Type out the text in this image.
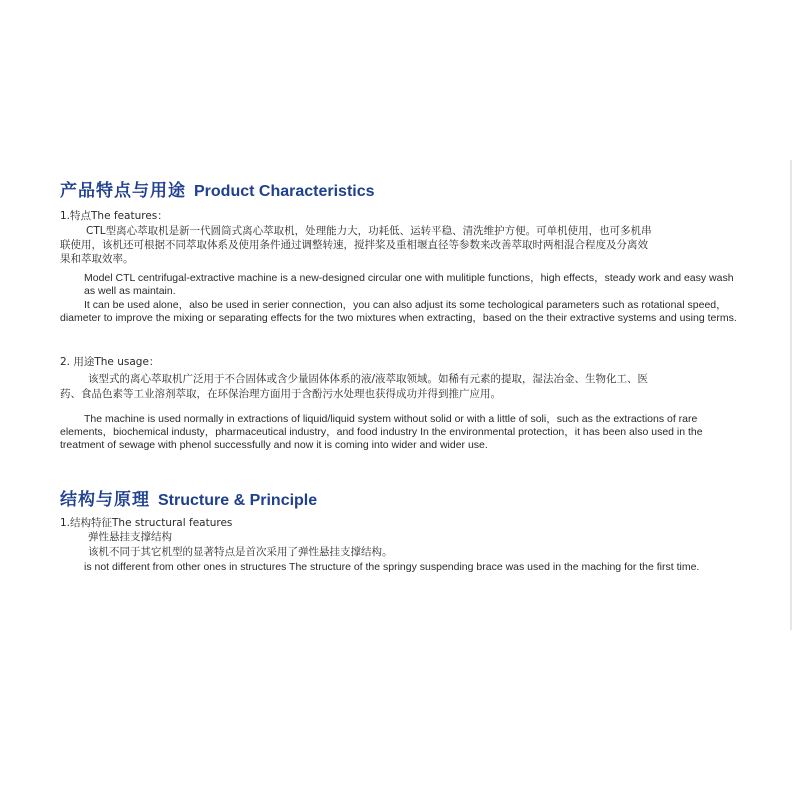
产品特点与用途 Product Characteristics
1.特点The features：
CTL型离心萃取机是新一代圆筒式离心萃取机，处理能力大，功耗低、运转平稳、清洗维护方便。可单机使用，也可多机串
联使用，该机还可根据不同萃取体系及使用条件通过调整转速，搅拌桨及重相堰直径等参数来改善萃取时两相混合程度及分离效
果和萃取效率。
Model CTL centrifugal-extractive machine is a new-designed circular one with mulitiple functions，high effects，steady work and easy wash as well as maintain.
It can be used alone，also be used in serier connection，you can also adjust its some techological parameters such as rotational speed，diameter to improve the mixing or separating effects for the two mixtures when extracting，based on the their extractive systems and using terms.
2. 用途The usage：
该型式的离心萃取机广泛用于不合固体或含少量固体体系的液/液萃取领域。如稀有元素的提取，湿法冶金、生物化工、医
药、食品色素等工业溶剂萃取，在环保治理方面用于含酚污水处理也获得成功并得到推广应用。
The machine is used normally in extractions of liquid/liquid system without solid or with a little of soli，such as the extractions of rare elements，biochemical industy，pharmaceutical industry，and food industry In the environmental protection，it has been also used in the treatment of sewage with phenol successfully and now it is coming into wider and wider use.
结构与原理 Structure & Principle
1.结构特征The structural features
弹性悬挂支撑结构
该机不同于其它机型的显著特点是首次采用了弹性悬挂支撑结构。
is not different from other ones in structures The structure of the springy suspending brace was used in the maching for the first time.
